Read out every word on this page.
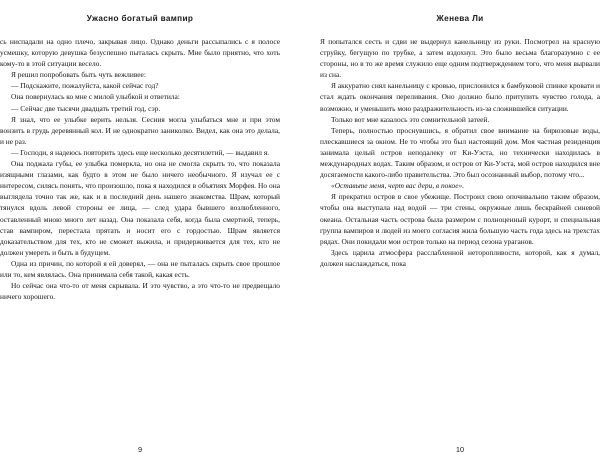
Ужасно богатый вампир

сь ниспадали на одно плечо, закрывая лицо. Однако деньги рассыпались с я полосе усмешку, которую девушка безуспешно пыталась скрыть. Мне было приятно, что хоть кому-то в этой ситуации весело.

Я решил попробовать быть чуть вежливее:

— Подскажите, пожалуйста, какой сейчас год?

Она повернулась ко мне с милой улыбкой и ответила:

— Сейчас две тысячи двадцать третий год, сэр.

Я знал, что ее улыбке верить нельзя. Сесиия могла улыбаться мне и при этом вонзить в грудь деревянный кол. И не однократно заниколко. Видел, как она это делала, и не раз.

— Господи, я надеюсь повторить здесь еще несколько десятилетий, — выдавил я.

Она поджала губы, ее улыбка померкла, но она не смогла скрыть то, что показала изящными глазами, как будто в этом не было ничего необычного. Я изучал ее с интересом, силясь понять, что произошло, пока я находился в объятиях Морфея. Но она выглядела точно так же, как и в последний день нашего знакомства. Шрам, который тянулся вдоль левой стороны ее лица, — след удара бывшего возлюбленного, оставленный мною много лет назад. Она показала себя, когда была смертной, теперь, став вампиром, перестала прятать и носит его с гордостью. Шрам является доказательством для тех, кто не сможет выжила, и придерживается для тех, кто не должен умереть и быть в будущем.

Одна из причин, по которой я ей доверял, — она не пыталась скрыть свое прошлое или то, кем являлась. Она принимала себя такой, какая есть.

Но сейчас она что-то от меня скрывала. И это чувство, а это что-то не предвещало ничего хорошего.

9
Женева Ли

Я попытался сесть и сдви не выдернул канельницу из руки. Посмотрел на красную струйку, бегущую по трубке, а затем вздохнул. Это было весьма благоразумно с ее стороны, но в то же время служило еще одним подтверждением того, что меня вырвали из сна.

Я аккуратно снял канельницу с кровью, прислонился к бамбуковой спинке кровати и стал ждать окончания переливания. Оно должно было притупить чувство голода, а возможно, и уменьшить мою раздражительность из-за сложившейся ситуации.

Только вот мне казалось это сомнительной затеей.

Теперь, полностью проснувшись, я обратил свое внимание на бирюзовые воды, плескавшиеся за окном. Не то чтобы это был настоящий дом. Моя частная резиденция занимала целый остров неподалеку от Ки-Уэста, но технически находилась в международных водах. Таким образом, и остров от Ки-Уэста, мой остров находился вне досягаемости какого-либо правительства. Это был осознанный выбор, потому что...

«Оставьте меня, черт вас дери, в покое».

Я прекратил остров в свое убежище. Построил свою опочивальню таким образом, чтобы она выступала над водой — три стены, окружные лишь бескрайней синевой океана. Остальная часть острова была размером с полноценный курорт, и специальная группа вампиров и людей из моего согласия жила большую часть года здесь на трехстах рядах. Они покидали мои остров только на период сезона ураганов.

Здесь царила атмосфера расслабленной неторопливости, которой, как я думал, должен наслаждаться, пока

10
